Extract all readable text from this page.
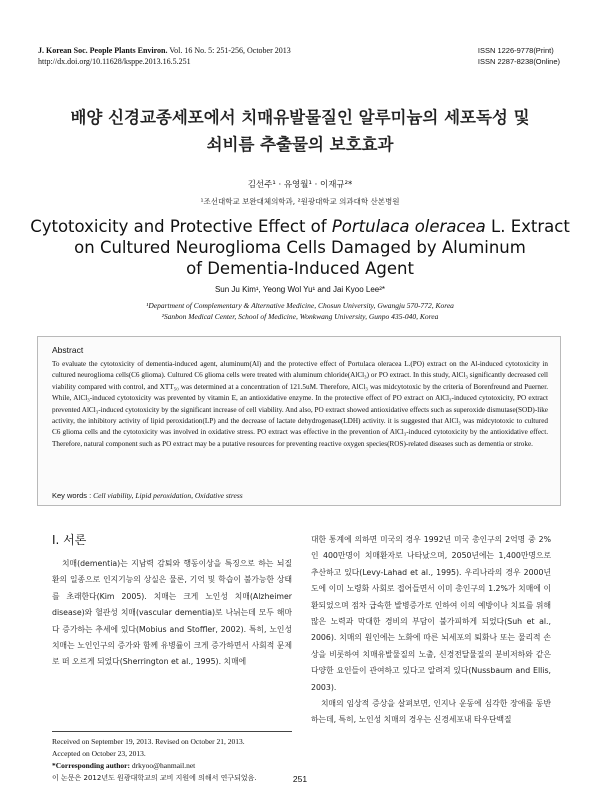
J. Korean Soc. People Plants Environ. Vol. 16 No. 5: 251-256, October 2013
http://dx.doi.org/10.11628/ksppe.2013.16.5.251
ISSN 1226-9778(Print)
ISSN 2287-8238(Online)
배양 신경교종세포에서 치매유발물질인 알루미늄의 세포독성 및
쇠비름 추출물의 보호효과
김선주¹ · 유영월¹ · 이재규²*
¹조선대학교 보완대체의학과, ²원광대학교 의과대학 산본병원
Cytotoxicity and Protective Effect of Portulaca oleracea L. Extract
on Cultured Neuroglioma Cells Damaged by Aluminum
of Dementia-Induced Agent
Sun Ju Kim¹, Yeong Wol Yu¹ and Jai Kyoo Lee²*
¹Department of Complementary & Alternative Medicine, Chosun University, Gwangju 570-772, Korea
²Sanbon Medical Center, School of Medicine, Wonkwang University, Gunpo 435-040, Korea
Abstract
To evaluate the cytotoxicity of dementia-induced agent, aluminum(Al) and the protective effect of Portulaca oleracea L.(PO) extract on the Al-induced cytotoxicity in cultured neuroglioma cells(C6 glioma). Cultured C6 glioma cells were treated with aluminum chloride(AlCl₃) or PO extract. In this study, AlCl₃ significantly decreased cell viability compared with control, and XTT₅₀ was determined at a concentration of 121.5uM. Therefore, AlCl₃ was midcytotoxic by the criteria of Borenfreund and Puerner. While, AlCl₃-induced cytotoxicity was prevented by vitamin E, an antioxidative enzyme. In the protective effect of PO extract on AlCl₃-induced cytotoxicity, PO extract prevented AlCl₃-induced cytotoxicity by the significant increase of cell viability. And also, PO extract showed antioxidative effects such as superoxide dismutase(SOD)-like activity, the inhibitory activity of lipid peroxidation(LP) and the decrease of lactate dehydrogenase(LDH) activity. it is suggested that AlCl₃ was midcytotoxic to cultured C6 glioma cells and the cytotoxicity was involved in oxidative stress. PO extract was effective in the prevention of AlCl₃-induced cytotoxicity by the antioxidative effect. Therefore, natural component such as PO extract may be a putative resources for preventing reactive oxygen species(ROS)-related diseases such as dementia or stroke.
Key words : Cell viability, Lipid peroxidation, Oxidative stress
Ⅰ. 서론

치매(dementia)는 지남력 감퇴와 행동이상을 특징으로 하는 뇌질환의 일종으로 인지기능의 상실은 물론, 기억 및 학습이 불가능한 상태를 초래한다(Kim 2005). 치매는 크게 노인성 치매(Alzheimer disease)와 혈관성 치매(vascular dementia)로 나뉘는데 모두 해마다 증가하는 추세에 있다(Mobius and Stoffler, 2002). 특히, 노인성 치매는 노인인구의 증가와 함께 유병률이 크게 증가하면서 사회적 문제로 떠 오르게 되었다(Sherrington et al., 1995). 치매에

대한 통계에 의하면 미국의 경우 1992년 미국 총인구의 2억명 중 2%인 400만명이 치매환자로 나타났으며, 2050년에는 1,400만명으로 추산하고 있다(Levy-Lahad et al., 1995). 우리나라의 경우 2000년도에 이미 노령화 사회로 접어들면서 이미 총인구의 1.2%가 치매에 이환되었으며 점차 급속한 발병증가로 인하여 이의 예방이나 치료를 위해 많은 노력과 막대한 경비의 부담이 불가피하게 되었다(Suh et al., 2006). 치매의 원인에는 노화에 따른 뇌세포의 퇴화나 또는 물리적 손상을 비롯하여 치매유발물질의 노출, 신경전달물질의 분비저하와 같은 다양한 요인들이 관여하고 있다고 알려져 있다(Nussbaum and Ellis, 2003).

치매의 임상적 증상을 살펴보면, 인지나 운동에 심각한 장애를 동반하는데, 특히, 노인성 치매의 경우는 신경세포내 타우단백질

Received on September 19, 2013. Revised on October 21, 2013.
Accepted on October 23, 2013.
*Corresponding author: drkyoo@hanmail.net
이 논문은 2012년도 원광대학교의 교비 지원에 의해서 연구되었음.	251
